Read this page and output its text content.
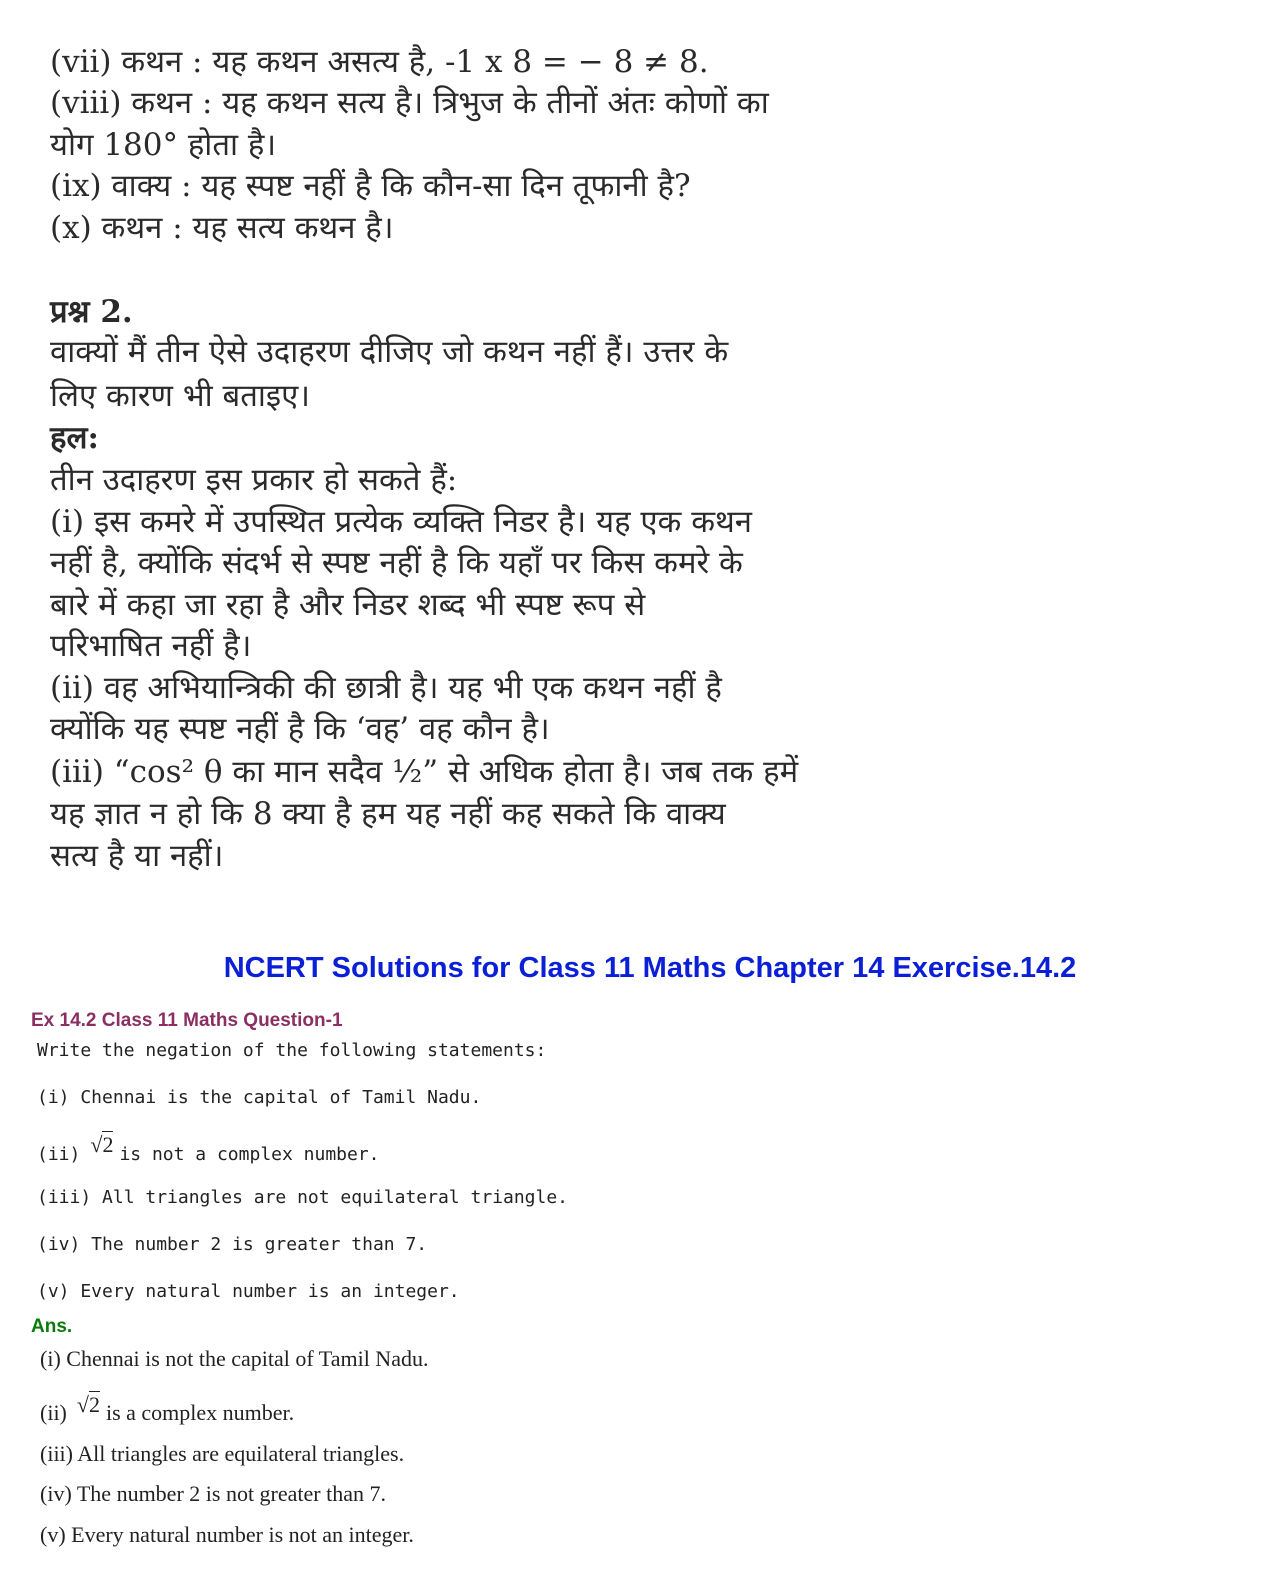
(vii) कथन : यह कथन असत्य है, -1 x 8 = − 8 ≠ 8.
(viii) कथन : यह कथन सत्य है। त्रिभुज के तीनों अंतः कोणों का
योग 180° होता है।
(ix) वाक्य : यह स्पष्ट नहीं है कि कौन-सा दिन तूफानी है?
(x) कथन : यह सत्य कथन है।
प्रश्न 2.
वाक्यों मैं तीन ऐसे उदाहरण दीजिए जो कथन नहीं हैं। उत्तर के
लिए कारण भी बताइए।
हल:
तीन उदाहरण इस प्रकार हो सकते हैं:
(i) इस कमरे में उपस्थित प्रत्येक व्यक्ति निडर है। यह एक कथन
नहीं है, क्योंकि संदर्भ से स्पष्ट नहीं है कि यहाँ पर किस कमरे के
बारे में कहा जा रहा है और निडर शब्द भी स्पष्ट रूप से
परिभाषित नहीं है।
(ii) वह अभियान्त्रिकी की छात्री है। यह भी एक कथन नहीं है
क्योंकि यह स्पष्ट नहीं है कि ‘वह’ वह कौन है।
(iii) “cos² θ का मान सदैव ½” से अधिक होता है। जब तक हमें
यह ज्ञात न हो कि 8 क्या है हम यह नहीं कह सकते कि वाक्य
सत्य है या नहीं।
NCERT Solutions for Class 11 Maths Chapter 14 Exercise.14.2
Ex 14.2 Class 11 Maths Question-1
Write the negation of the following statements:
(i) Chennai is the capital of Tamil Nadu.
(ii) √2 is not a complex number.
(iii) All triangles are not equilateral triangle.
(iv) The number 2 is greater than 7.
(v) Every natural number is an integer.
Ans.
(i) Chennai is not the capital of Tamil Nadu.
(ii) √2 is a complex number.
(iii) All triangles are equilateral triangles.
(iv) The number 2 is not greater than 7.
(v) Every natural number is not an integer.
